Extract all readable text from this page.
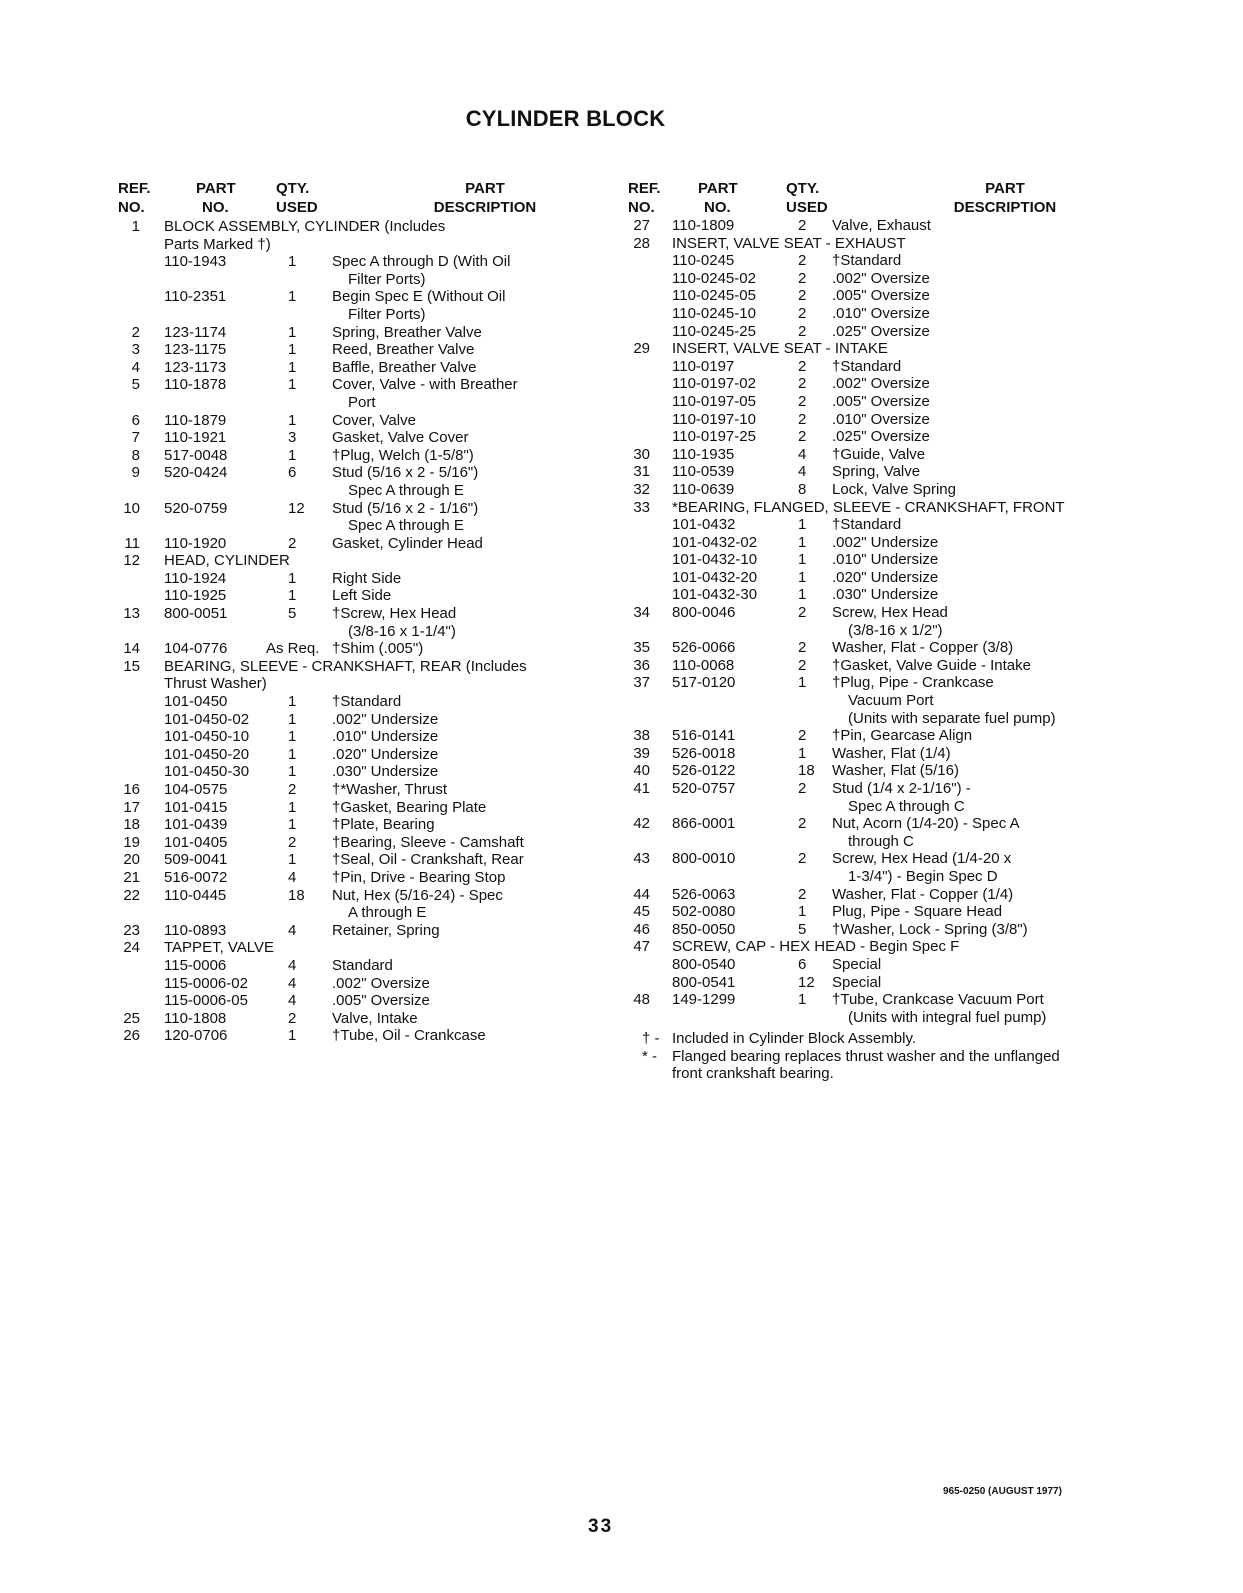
CYLINDER BLOCK
REF.
NO.
PART
NO.
QTY.
USED
PART
DESCRIPTION
1 BLOCK ASSEMBLY, CYLINDER (Includes
Parts Marked †)
110-1943	1 Spec A through D (With Oil
Filter Ports)
110-2351	1 Begin Spec E (Without Oil
Filter Ports)
2 123-1174	1 Spring, Breather Valve
3 123-1175	1 Reed, Breather Valve
4 123-1173	1 Baffle, Breather Valve
5 110-1878	1 Cover, Valve - with Breather
Port
6 110-1879	1 Cover, Valve
7 110-1921	3 Gasket, Valve Cover
8 517-0048	1 †Plug, Welch (1-5/8")
9 520-0424	6 Stud (5/16 x 2 - 5/16")
Spec A through E
10 520-0759	12 Stud (5/16 x 2 - 1/16")
Spec A through E
11 110-1920	2 Gasket, Cylinder Head
12 HEAD, CYLINDER
110-1924	1 Right Side
110-1925	1 Left Side
13 800-0051	5 †Screw, Hex Head
(3/8-16 x 1-1/4")
14 104-0776	As Req. †Shim (.005")
15 BEARING, SLEEVE - CRANKSHAFT, REAR (Includes
Thrust Washer)
101-0450	1 †Standard
101-0450-02	1 .002" Undersize
101-0450-10	1 .010" Undersize
101-0450-20	1 .020" Undersize
101-0450-30	1 .030" Undersize
16 104-0575	2 †*Washer, Thrust
17 101-0415	1 †Gasket, Bearing Plate
18 101-0439	1 †Plate, Bearing
19 101-0405	2 †Bearing, Sleeve - Camshaft
20 509-0041	1 †Seal, Oil - Crankshaft, Rear
21 516-0072	4 †Pin, Drive - Bearing Stop
22 110-0445	18 Nut, Hex (5/16-24) - Spec
A through E
23 110-0893	4 Retainer, Spring
24 TAPPET, VALVE
115-0006	4 Standard
115-0006-02	4 .002" Oversize
115-0006-05	4 .005" Oversize
25 110-1808	2 Valve, Intake
26 120-0706	1 †Tube, Oil - Crankcase
REF.
NO.
PART
NO.
QTY.
USED
PART
DESCRIPTION
27 110-1809	2 Valve, Exhaust
28 INSERT, VALVE SEAT - EXHAUST
110-0245	2 †Standard
110-0245-02	2 .002" Oversize
110-0245-05	2 .005" Oversize
110-0245-10	2 .010" Oversize
110-0245-25	2 .025" Oversize
29 INSERT, VALVE SEAT - INTAKE
110-0197	2 †Standard
110-0197-02	2 .002" Oversize
110-0197-05	2 .005" Oversize
110-0197-10	2 .010" Oversize
110-0197-25	2 .025" Oversize
30 110-1935	4 †Guide, Valve
31 110-0539	4 Spring, Valve
32 110-0639	8 Lock, Valve Spring
33 *BEARING, FLANGED, SLEEVE - CRANKSHAFT, FRONT
101-0432	1 †Standard
101-0432-02	1 .002" Undersize
101-0432-10	1 .010" Undersize
101-0432-20	1 .020" Undersize
101-0432-30	1 .030" Undersize
34 800-0046	2 Screw, Hex Head
(3/8-16 x 1/2")
35 526-0066	2 Washer, Flat - Copper (3/8)
36 110-0068	2 †Gasket, Valve Guide - Intake
37 517-0120	1 †Plug, Pipe - Crankcase
Vacuum Port
(Units with separate fuel pump)
38 516-0141	2 †Pin, Gearcase Align
39 526-0018	1 Washer, Flat (1/4)
40 526-0122	18 Washer, Flat (5/16)
41 520-0757	2 Stud (1/4 x 2-1/16") -
Spec A through C
42 866-0001	2 Nut, Acorn (1/4-20) - Spec A
through C
43 800-0010	2 Screw, Hex Head (1/4-20 x
1-3/4") - Begin Spec D
44 526-0063	2 Washer, Flat - Copper (1/4)
45 502-0080	1 Plug, Pipe - Square Head
46 850-0050	5 †Washer, Lock - Spring (3/8")
47 SCREW, CAP - HEX HEAD - Begin Spec F
800-0540	6 Special
800-0541	12 Special
48 149-1299	1 †Tube, Crankcase Vacuum Port
(Units with integral fuel pump)
† - Included in Cylinder Block Assembly.
* -	Flanged bearing replaces thrust washer and the unflanged front crankshaft bearing.
965-0250 (AUGUST 1977)
33
